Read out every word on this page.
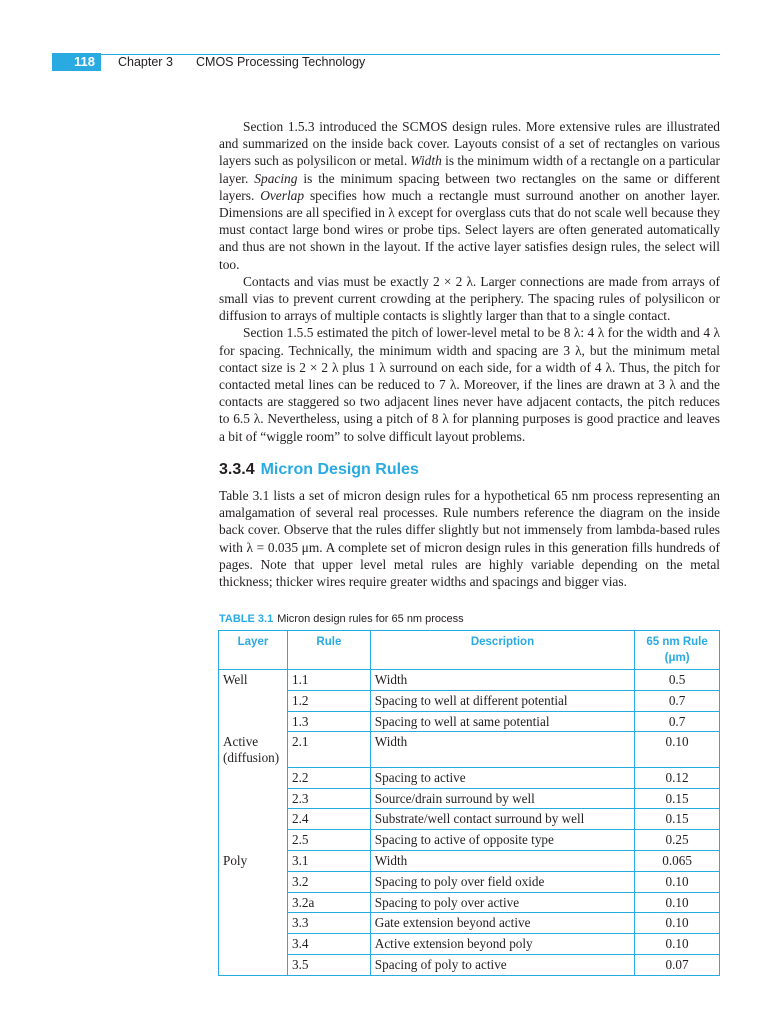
118	Chapter 3 CMOS Processing Technology

Section 1.5.3 introduced the SCMOS design rules. More extensive rules are illustrated and summarized on the inside back cover. Layouts consist of a set of rectangles on various layers such as polysilicon or metal. Width is the minimum width of a rectangle on a particular layer. Spacing is the minimum spacing between two rectangles on the same or different layers. Overlap specifies how much a rectangle must surround another on another layer. Dimensions are all specified in λ except for overglass cuts that do not scale well because they must contact large bond wires or probe tips. Select layers are often generated automatically and thus are not shown in the layout. If the active layer satisfies design rules, the select will too.

Contacts and vias must be exactly 2 × 2 λ. Larger connections are made from arrays of small vias to prevent current crowding at the periphery. The spacing rules of polysilicon or diffusion to arrays of multiple contacts is slightly larger than that to a single contact.

Section 1.5.5 estimated the pitch of lower-level metal to be 8 λ: 4 λ for the width and 4 λ for spacing. Technically, the minimum width and spacing are 3 λ, but the minimum metal contact size is 2 × 2 λ plus 1 λ surround on each side, for a width of 4 λ. Thus, the pitch for contacted metal lines can be reduced to 7 λ. Moreover, if the lines are drawn at 3 λ and the contacts are staggered so two adjacent lines never have adjacent contacts, the pitch reduces to 6.5 λ. Nevertheless, using a pitch of 8 λ for planning purposes is good practice and leaves a bit of “wiggle room” to solve difficult layout problems.

3.3.4 Micron Design Rules

Table 3.1 lists a set of micron design rules for a hypothetical 65 nm process representing an amalgamation of several real processes. Rule numbers reference the diagram on the inside back cover. Observe that the rules differ slightly but not immensely from lambda-based rules with λ = 0.035 μm. A complete set of micron design rules in this generation fills hundreds of pages. Note that upper level metal rules are highly variable depending on the metal thickness; thicker wires require greater widths and spacings and bigger vias.

TABLE 3.1 Micron design rules for 65 nm process
Layer	Rule	Description	65 nm Rule
(μm)
Well	1.1	Width	0.5
	1.2	Spacing to well at different potential	0.7
	1.3	Spacing to well at same potential	0.7
Active (diffusion)	2.1	Width	0.10
	2.2	Spacing to active	0.12
	2.3	Source/drain surround by well	0.15
	2.4	Substrate/well contact surround by well	0.15
	2.5	Spacing to active of opposite type	0.25
Poly	3.1	Width	0.065
	3.2	Spacing to poly over field oxide	0.10
	3.2a	Spacing to poly over active	0.10
	3.3	Gate extension beyond active	0.10
	3.4	Active extension beyond poly	0.10
	3.5	Spacing of poly to active	0.07
